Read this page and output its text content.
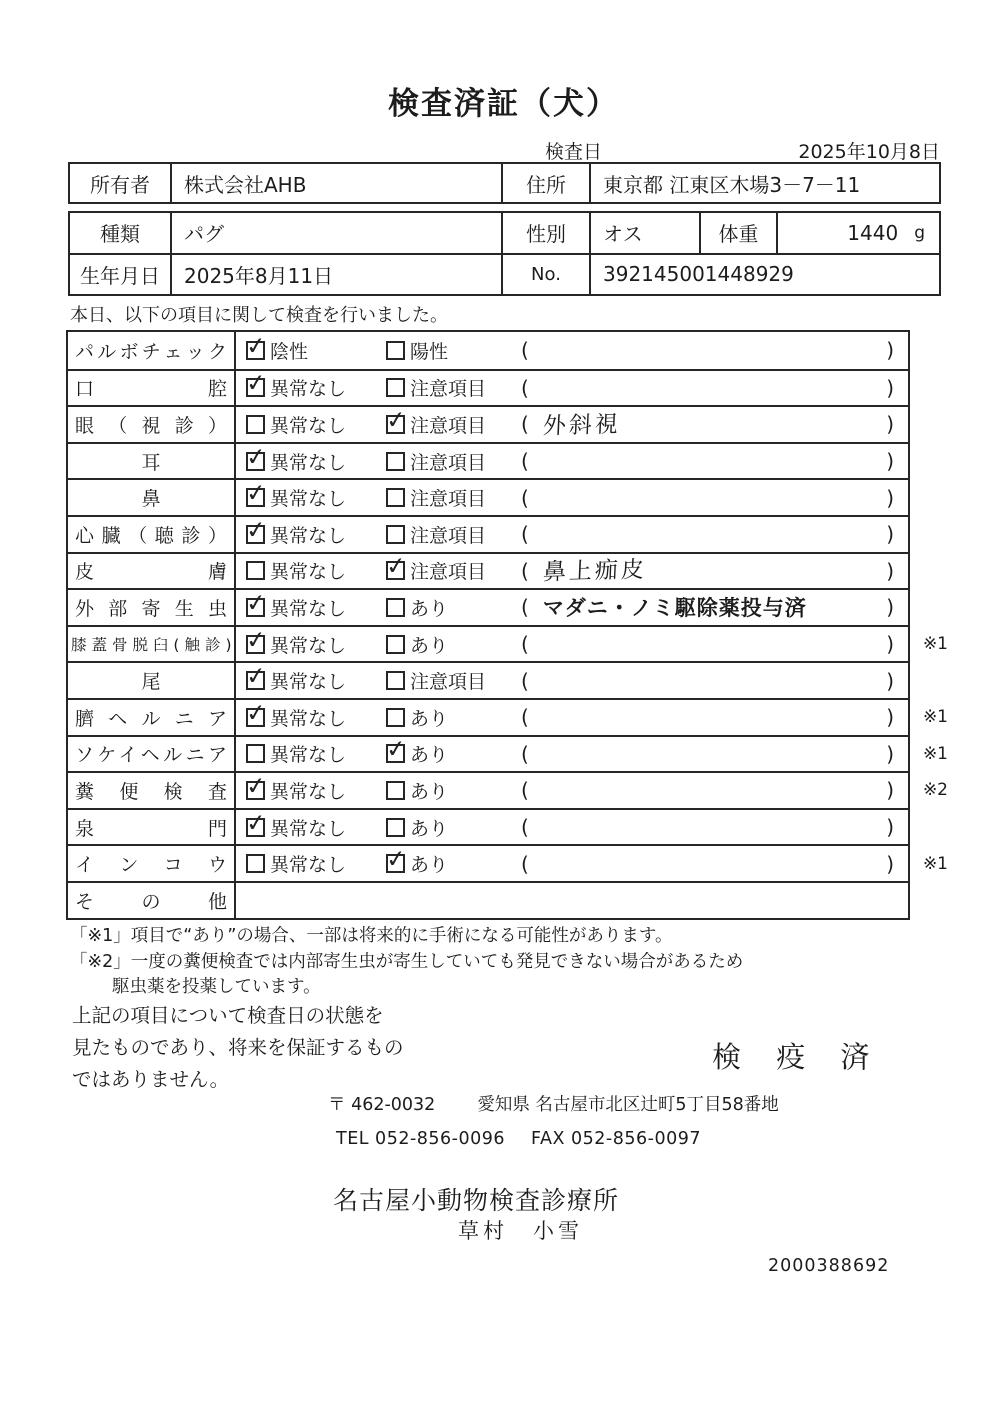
検査済証（犬）
検査日	2025年10月8日
所有者	株式会社AHB	住所	東京都 江東区木場3－7－11
種類	パグ	性別	オス	体重	1440 g
生年月日	2025年8月11日	No.	392145001448929
本日、以下の項目に関して検査を行いました。
パルボチェック ✓	陰性	陽性	(	)
口腔 ✓	異常なし	注意項目 (	)
眼（視診）	異常なし ✓	注意項目 ( 外斜視	)
耳 ✓	異常なし	注意項目 (	)
鼻 ✓	異常なし	注意項目 (	)
心臓（聴診） ✓	異常なし	注意項目 (	)
皮膚	異常なし ✓	注意項目 ( 鼻上痂皮	)
外部寄生虫 ✓	異常なし	あり	( マダニ・ノミ駆除薬投与済	)
膝蓋骨脱臼(触診) ✓ 異常なし	あり	(	) ※1
尾 ✓	異常なし	注意項目 (	)
臍ヘルニア ✓	異常なし	あり	(	) ※1
ソケイヘルニア	異常なし ✓	あり	(	) ※1
糞便検査 ✓	異常なし	あり	(	) ※2
泉門 ✓	異常なし	あり	(	)
インコウ	異常なし ✓	あり	(	) ※1
その他
「※1」項目で“あり”の場合、一部は将来的に手術になる可能性があります。
「※2」一度の糞便検査では内部寄生虫が寄生していても発見できない場合があるため
駆虫薬を投薬しています。
上記の項目について検査日の状態を
見たものであり、将来を保証するもの
ではありません。
検 疫 済
〒 462-0032 愛知県 名古屋市北区辻町5丁目58番地
TEL 052-856-0096 FAX 052-856-0097
名古屋小動物検査診療所
草村　小雪
2000388692
